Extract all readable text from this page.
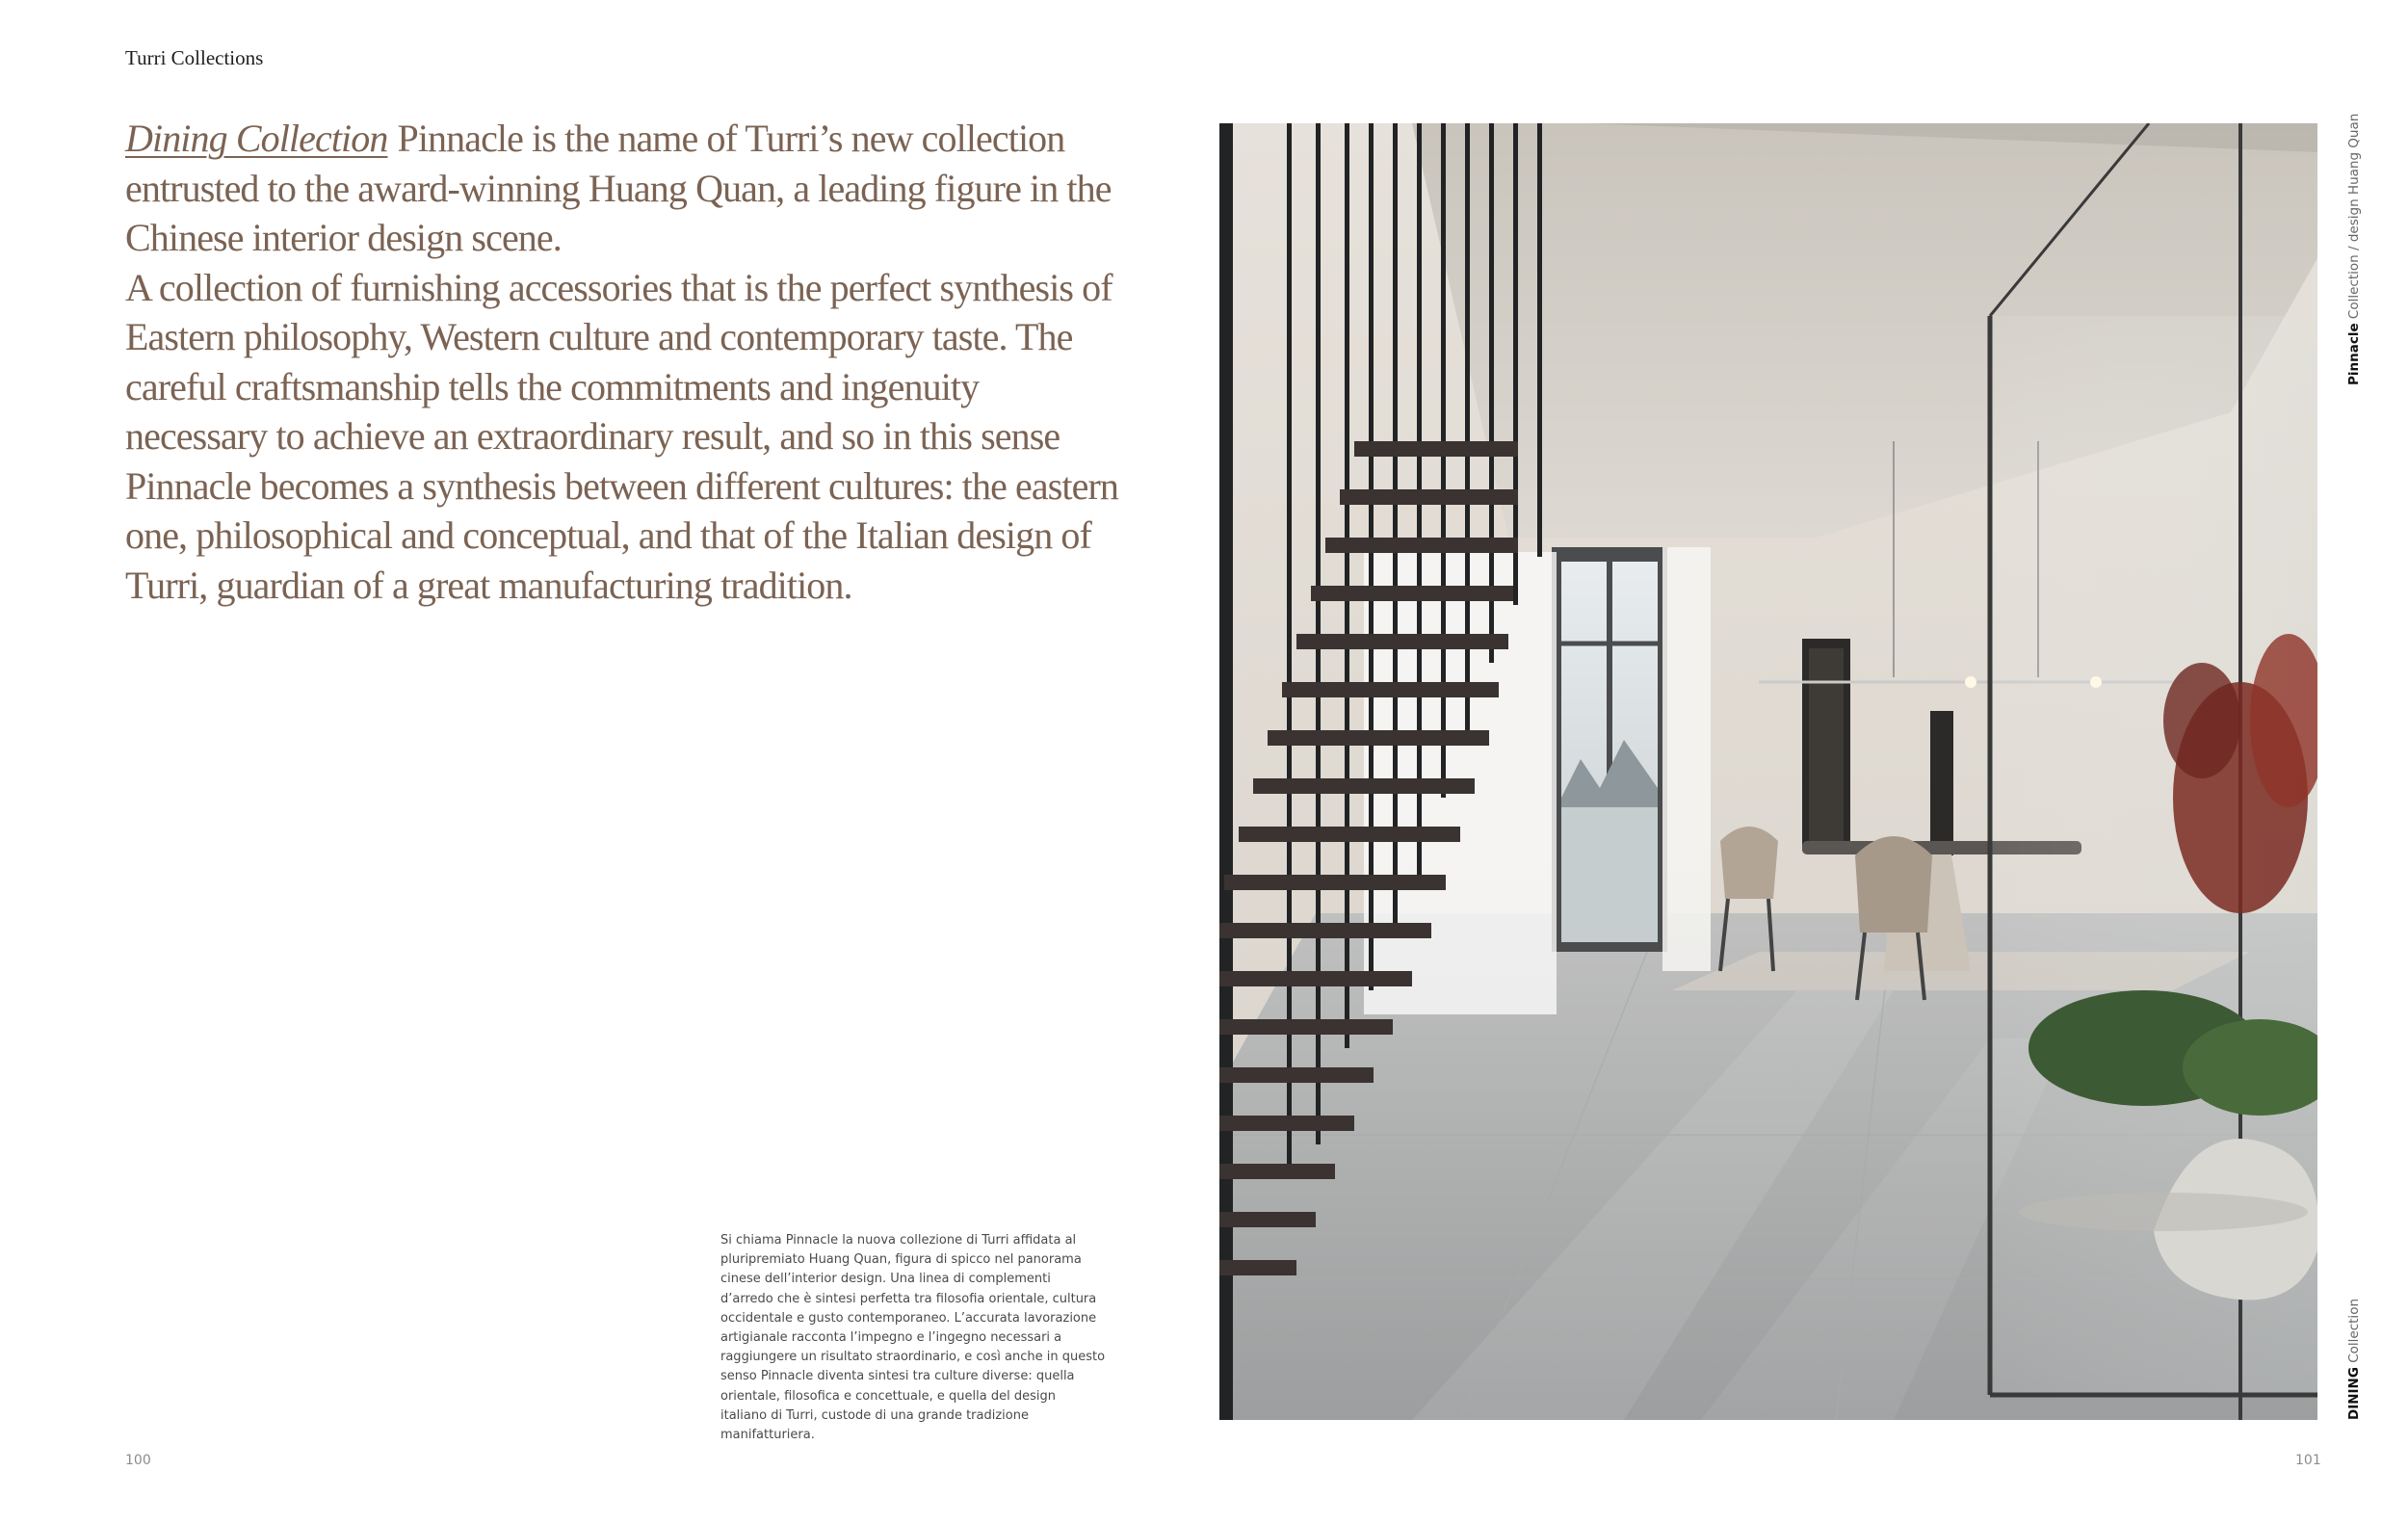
Turri Collections

Dining Collection Pinnacle is the name of Turri’s new collection entrusted to the award-winning Huang Quan, a leading figure in the Chinese interior design scene.

A collection of furnishing accessories that is the perfect synthesis of Eastern philosophy, Western culture and contemporary taste. The careful craftsmanship tells the commitments and ingenuity necessary to achieve an extraordinary result, and so in this sense Pinnacle becomes a synthesis between different cultures: the eastern one, philosophical and conceptual, and that of the Italian design of Turri, guardian of a great manufacturing tradition.

Si chiama Pinnacle la nuova collezione di Turri affidata al pluripremiato Huang Quan, figura di spicco nel panorama cinese dell’interior design. Una linea di complementi d’arredo che è sintesi perfetta tra filosofia orientale, cultura occidentale e gusto contemporaneo. L’accurata lavorazione artigianale racconta l’impegno e l’ingegno necessari a raggiungere un risultato straordinario, e così anche in questo senso Pinnacle diventa sintesi tra culture diverse: quella orientale, filosofica e concettuale, e quella del design italiano di Turri, custode di una grande tradizione manifatturiera.

100	101
Pinnacle Collection / design Huang Quan
DINING Collection
